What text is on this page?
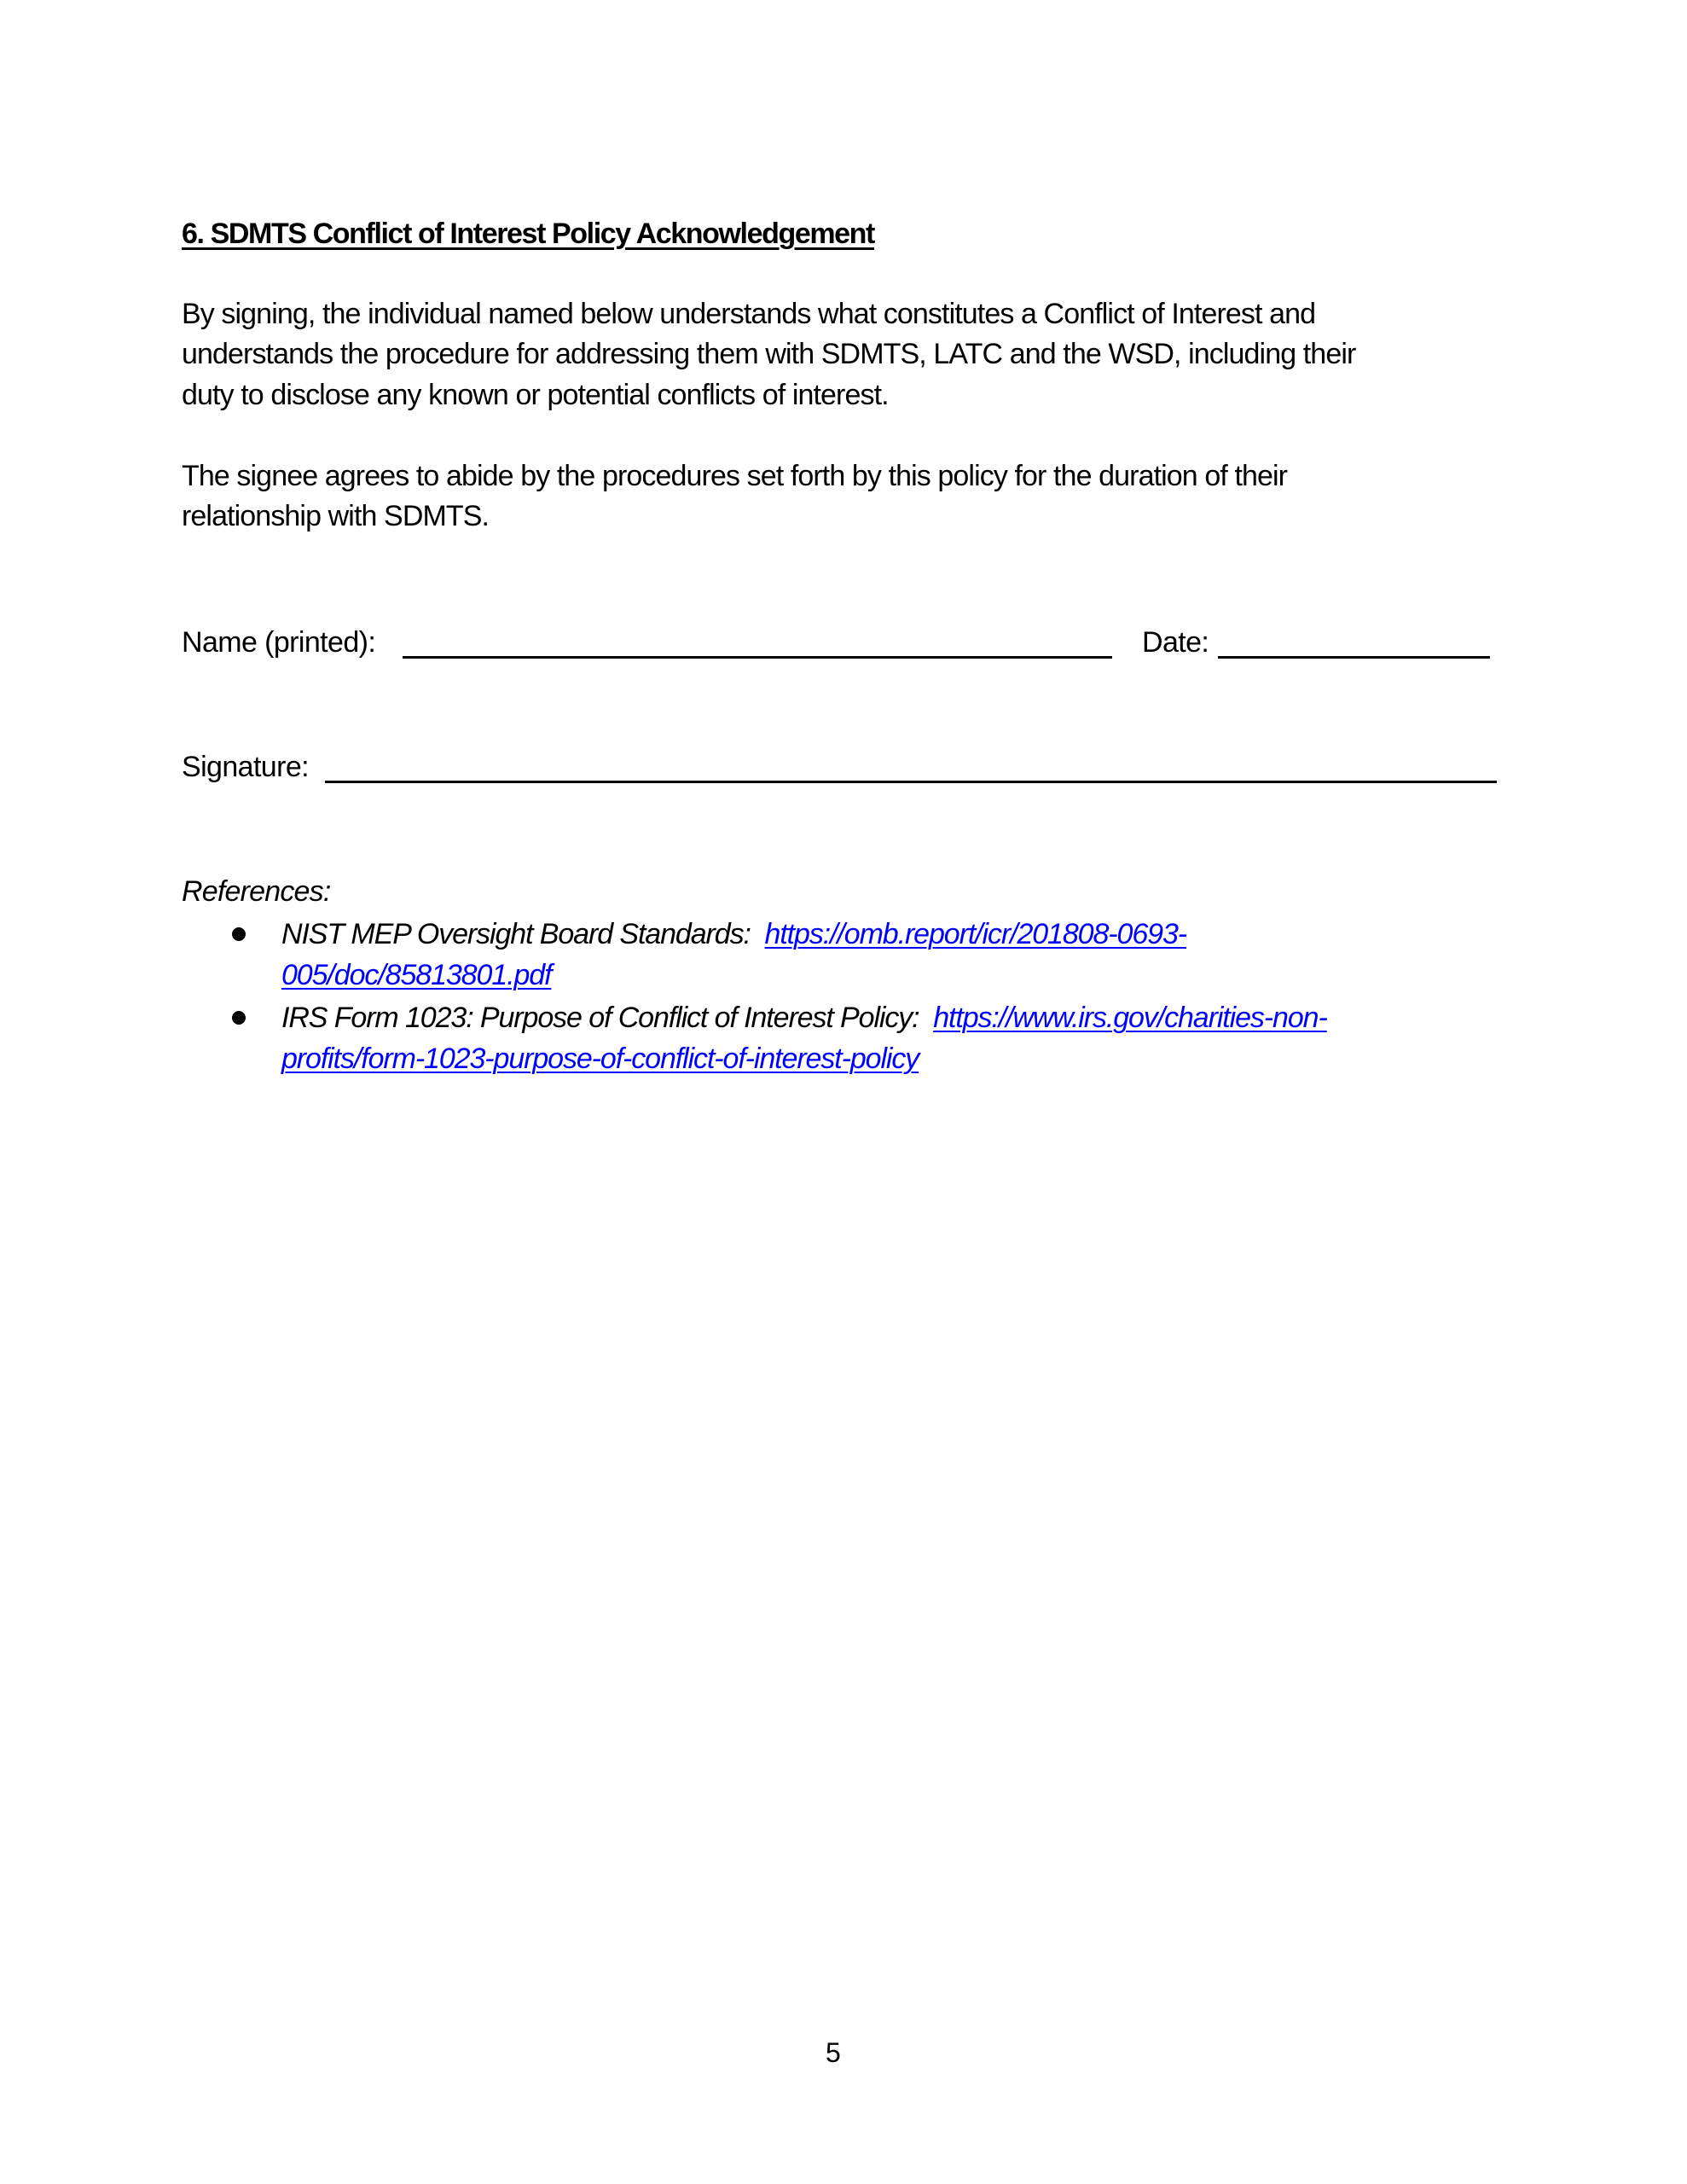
6. SDMTS Conflict of Interest Policy Acknowledgement
By signing, the individual named below understands what constitutes a Conflict of Interest and
understands the procedure for addressing them with SDMTS, LATC and the WSD, including their
duty to disclose any known or potential conflicts of interest.
The signee agrees to abide by the procedures set forth by this policy for the duration of their
relationship with SDMTS.
Name (printed):	Date:
Signature:
References:
NIST MEP Oversight Board Standards: https://omb.report/icr/201808-0693-
005/doc/85813801.pdf
IRS Form 1023: Purpose of Conflict of Interest Policy: https://www.irs.gov/charities-non-
profits/form-1023-purpose-of-conflict-of-interest-policy
5
